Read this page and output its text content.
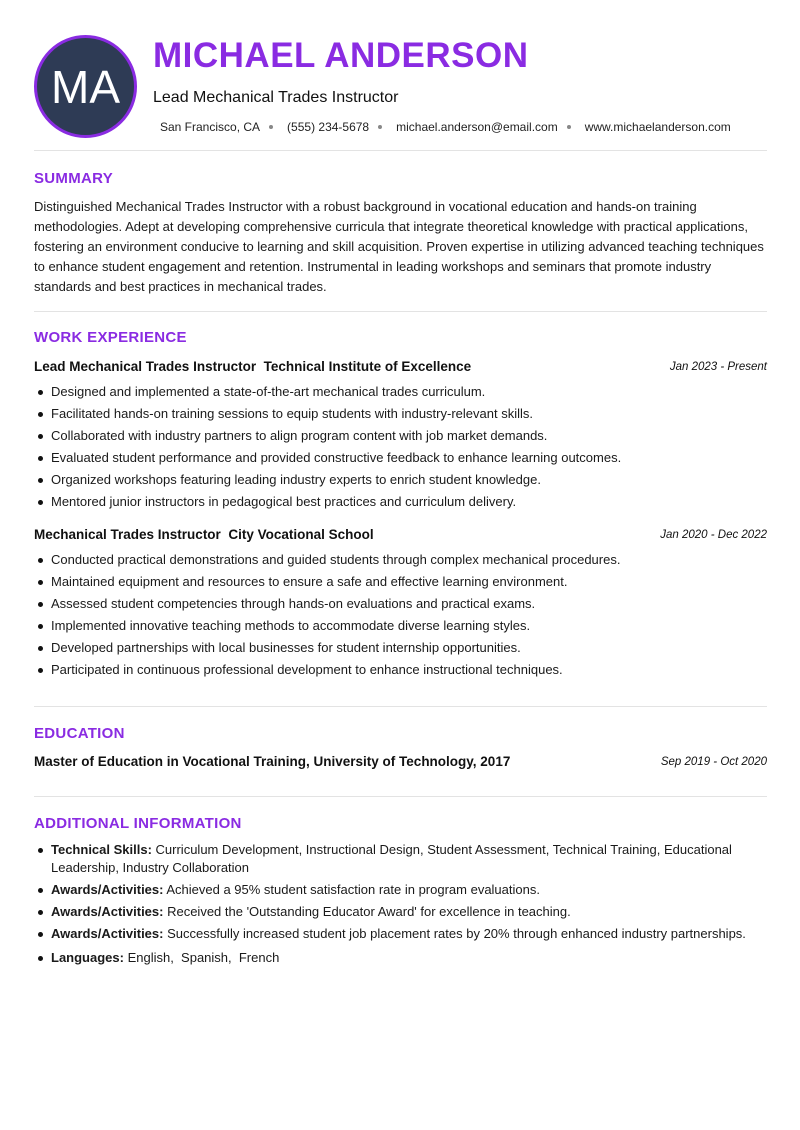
MA
MICHAEL ANDERSON
Lead Mechanical Trades Instructor
San Francisco, CA (555) 234-5678 michael.anderson@email.com www.michaelanderson.com
SUMMARY
Distinguished Mechanical Trades Instructor with a robust background in vocational education and hands-on training methodologies. Adept at developing comprehensive curricula that integrate theoretical knowledge with practical applications, fostering an environment conducive to learning and skill acquisition. Proven expertise in utilizing advanced teaching techniques to enhance student engagement and retention. Instrumental in leading workshops and seminars that promote industry standards and best practices in mechanical trades.
WORK EXPERIENCE
Lead Mechanical Trades Instructor Technical Institute of Excellence	Jan 2023 - Present
Designed and implemented a state-of-the-art mechanical trades curriculum.
Facilitated hands-on training sessions to equip students with industry-relevant skills.
Collaborated with industry partners to align program content with job market demands.
Evaluated student performance and provided constructive feedback to enhance learning outcomes.
Organized workshops featuring leading industry experts to enrich student knowledge.
Mentored junior instructors in pedagogical best practices and curriculum delivery.
Mechanical Trades Instructor City Vocational School	Jan 2020 - Dec 2022
Conducted practical demonstrations and guided students through complex mechanical procedures.
Maintained equipment and resources to ensure a safe and effective learning environment.
Assessed student competencies through hands-on evaluations and practical exams.
Implemented innovative teaching methods to accommodate diverse learning styles.
Developed partnerships with local businesses for student internship opportunities.
Participated in continuous professional development to enhance instructional techniques.
EDUCATION
Master of Education in Vocational Training, University of Technology, 2017	Sep 2019 - Oct 2020
ADDITIONAL INFORMATION
Technical Skills: Curriculum Development, Instructional Design, Student Assessment, Technical Training, Educational Leadership, Industry Collaboration
Awards/Activities: Achieved a 95% student satisfaction rate in program evaluations.
Awards/Activities: Received the 'Outstanding Educator Award' for excellence in teaching.
Awards/Activities: Successfully increased student job placement rates by 20% through enhanced industry partnerships.
Languages: English,  Spanish,  French
